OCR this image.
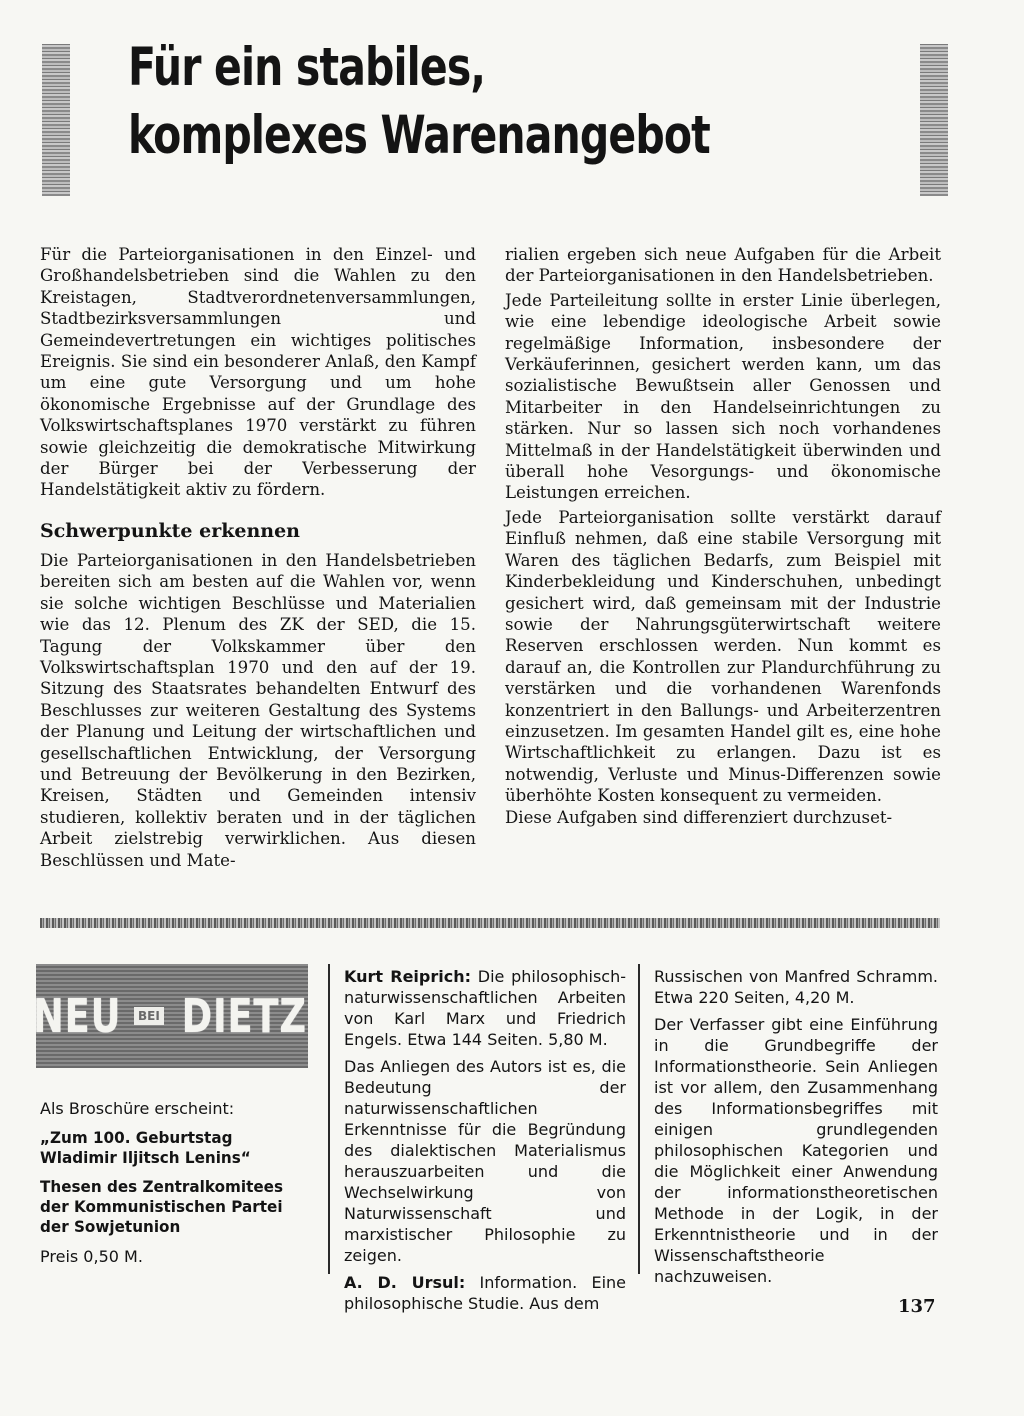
Für ein stabiles,
komplexes Warenangebot

Für die Parteiorganisationen in den Einzel- und Großhandelsbetrieben sind die Wahlen zu den Kreistagen, Stadtverordnetenversammlungen, Stadtbezirksversammlungen und Gemeindevertretungen ein wichtiges politisches Ereignis. Sie sind ein besonderer Anlaß, den Kampf um eine gute Versorgung und um hohe ökonomische Ergebnisse auf der Grundlage des Volkswirtschaftsplanes 1970 verstärkt zu führen sowie gleichzeitig die demokratische Mitwirkung der Bürger bei der Verbesserung der Handelstätigkeit aktiv zu fördern.

Schwerpunkte erkennen

Die Parteiorganisationen in den Handelsbetrieben bereiten sich am besten auf die Wahlen vor, wenn sie solche wichtigen Beschlüsse und Materialien wie das 12. Plenum des ZK der SED, die 15. Tagung der Volkskammer über den Volkswirtschaftsplan 1970 und den auf der 19. Sitzung des Staatsrates behandelten Entwurf des Beschlusses zur weiteren Gestaltung des Systems der Planung und Leitung der wirtschaftlichen und gesellschaftlichen Entwicklung, der Versorgung und Betreuung der Bevölkerung in den Bezirken, Kreisen, Städten und Gemeinden intensiv studieren, kollektiv beraten und in der täglichen Arbeit zielstrebig verwirklichen. Aus diesen Beschlüssen und Mate-

rialien ergeben sich neue Aufgaben für die Arbeit der Parteiorganisationen in den Handelsbetrieben.

Jede Parteileitung sollte in erster Linie überlegen, wie eine lebendige ideologische Arbeit sowie regelmäßige Information, insbesondere der Verkäuferinnen, gesichert werden kann, um das sozialistische Bewußtsein aller Genossen und Mitarbeiter in den Handelseinrichtungen zu stärken. Nur so lassen sich noch vorhandenes Mittelmaß in der Handelstätigkeit überwinden und überall hohe Vesorgungs- und ökonomische Leistungen erreichen.

Jede Parteiorganisation sollte verstärkt darauf Einfluß nehmen, daß eine stabile Versorgung mit Waren des täglichen Bedarfs, zum Beispiel mit Kinderbekleidung und Kinderschuhen, unbedingt gesichert wird, daß gemeinsam mit der Industrie sowie der Nahrungsgüterwirtschaft weitere Reserven erschlossen werden. Nun kommt es darauf an, die Kontrollen zur Plandurchführung zu verstärken und die vorhandenen Warenfonds konzentriert in den Ballungs- und Arbeiterzentren einzusetzen. Im gesamten Handel gilt es, eine hohe Wirtschaftlichkeit zu erlangen. Dazu ist es notwendig, Verluste und Minus-Differenzen sowie überhöhte Kosten konsequent zu vermeiden.

Diese Aufgaben sind differenziert durchzuset-

NEU	BEI DIETZ

Als Broschüre erscheint:

„Zum 100. Geburtstag Wladimir Iljitsch Lenins“

Thesen des Zentralkomitees der Kommunistischen Partei der Sowjetunion

Preis 0,50 M.

Kurt Reiprich: Die philosophisch-naturwissenschaftlichen Arbeiten von Karl Marx und Friedrich Engels. Etwa 144 Seiten. 5,80 M.

Das Anliegen des Autors ist es, die Bedeutung der naturwissenschaftlichen Erkenntnisse für die Begründung des dialektischen Materialismus herauszuarbeiten und die Wechselwirkung von Naturwissenschaft und marxistischer Philosophie zu zeigen.

A. D. Ursul: Information. Eine philosophische Studie. Aus dem

Russischen von Manfred Schramm. Etwa 220 Seiten, 4,20 M.

Der Verfasser gibt eine Einführung in die Grundbegriffe der Informationstheorie. Sein Anliegen ist vor allem, den Zusammenhang des Informationsbegriffes mit einigen grundlegenden philosophischen Kategorien und die Möglichkeit einer Anwendung der informationstheoretischen Methode in der Logik, in der Erkenntnistheorie und in der Wissenschaftstheorie nachzuweisen.

137
